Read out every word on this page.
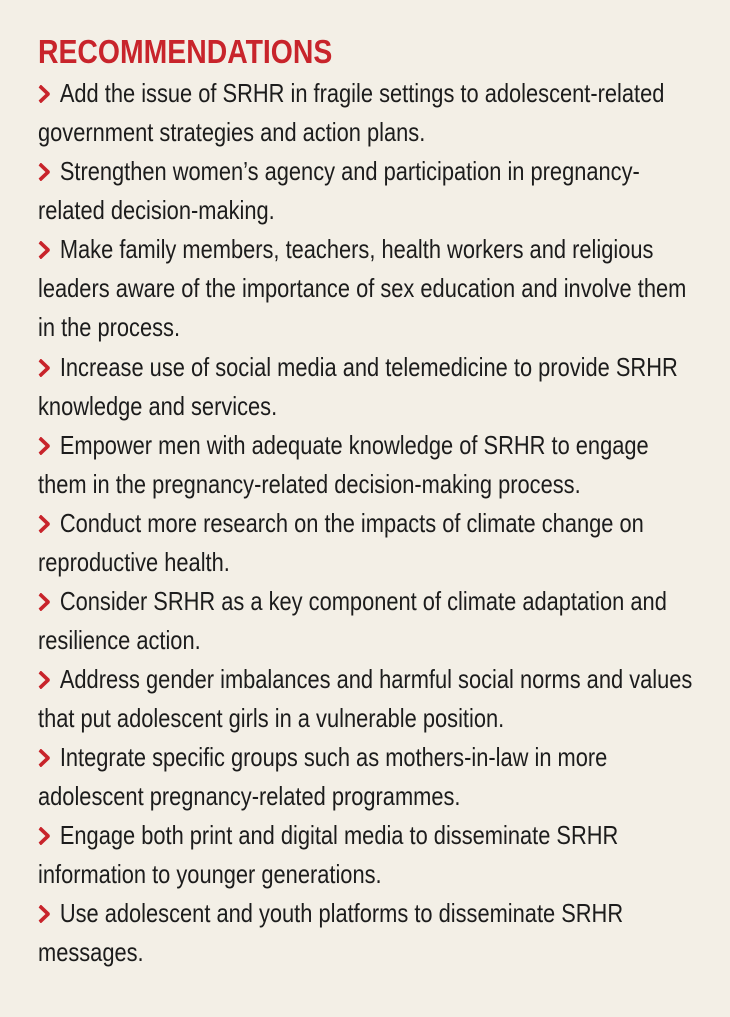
RECOMMENDATIONS
Add the issue of SRHR in fragile settings to adolescent-related government strategies and action plans.
Strengthen women’s agency and participation in pregnancy-related decision-making.
Make family members, teachers, health workers and religious leaders aware of the importance of sex education and involve them in the process.
Increase use of social media and telemedicine to provide SRHR knowledge and services.
Empower men with adequate knowledge of SRHR to engage them in the pregnancy-related decision-making process.
Conduct more research on the impacts of climate change on reproductive health.
Consider SRHR as a key component of climate adaptation and resilience action.
Address gender imbalances and harmful social norms and values that put adolescent girls in a vulnerable position.
Integrate specific groups such as mothers-in-law in more adolescent pregnancy-related programmes.
Engage both print and digital media to disseminate SRHR information to younger generations.
Use adolescent and youth platforms to disseminate SRHR messages.
